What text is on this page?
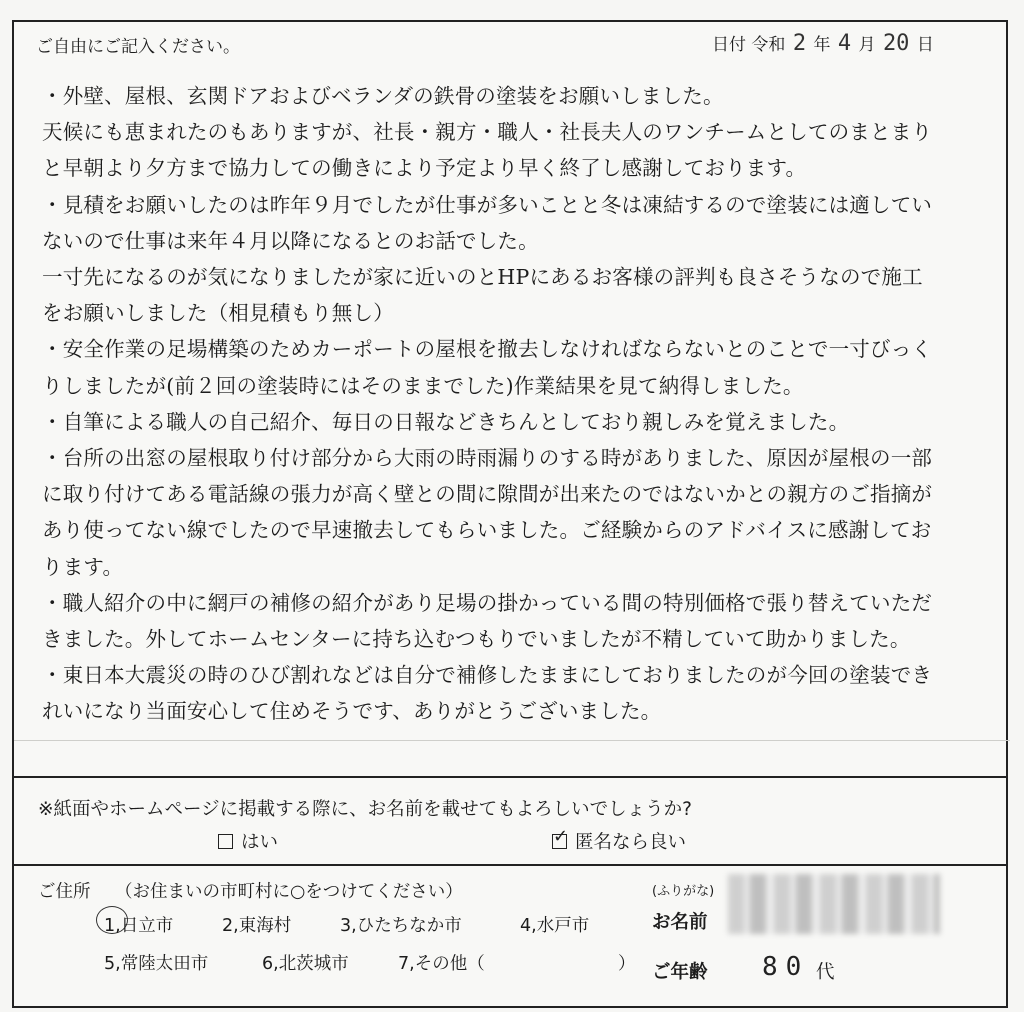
ご自由にご記入ください。	日付 令和 2 年 4 月 20 日
・外壁、屋根、玄関ドアおよびベランダの鉄骨の塗装をお願いしました。
天候にも恵まれたのもありますが、社長・親方・職人・社長夫人のワンチームとしてのまとまり
と早朝より夕方まで協力しての働きにより予定より早く終了し感謝しております。
・見積をお願いしたのは昨年９月でしたが仕事が多いことと冬は凍結するので塗装には適してい
ないので仕事は来年４月以降になるとのお話でした。
一寸先になるのが気になりましたが家に近いのとHPにあるお客様の評判も良さそうなので施工
をお願いしました（相見積もり無し）
・安全作業の足場構築のためカーポートの屋根を撤去しなければならないとのことで一寸びっく
りしましたが(前２回の塗装時にはそのままでした)作業結果を見て納得しました。
・自筆による職人の自己紹介、毎日の日報などきちんとしており親しみを覚えました。
・台所の出窓の屋根取り付け部分から大雨の時雨漏りのする時がありました、原因が屋根の一部
に取り付けてある電話線の張力が高く壁との間に隙間が出来たのではないかとの親方のご指摘が
あり使ってない線でしたので早速撤去してもらいました。ご経験からのアドバイスに感謝してお
ります。
・職人紹介の中に網戸の補修の紹介があり足場の掛かっている間の特別価格で張り替えていただ
きました。外してホームセンターに持ち込むつもりでいましたが不精していて助かりました。
・東日本大震災の時のひび割れなどは自分で補修したままにしておりましたのが今回の塗装でき
れいになり当面安心して住めそうです、ありがとうございました。
※紙面やホームページに掲載する際に、お名前を載せてもよろしいでしょうか?
はい
✓	匿名なら良い
ご住所 （お住まいの市町村に○をつけてください）
1,日立市	2,東海村	3,ひたちなか市	4,水戸市
5,常陸太田市	6,北茨城市	7,その他（	）
(ふりがな)
お名前
ご年齢 80 代
